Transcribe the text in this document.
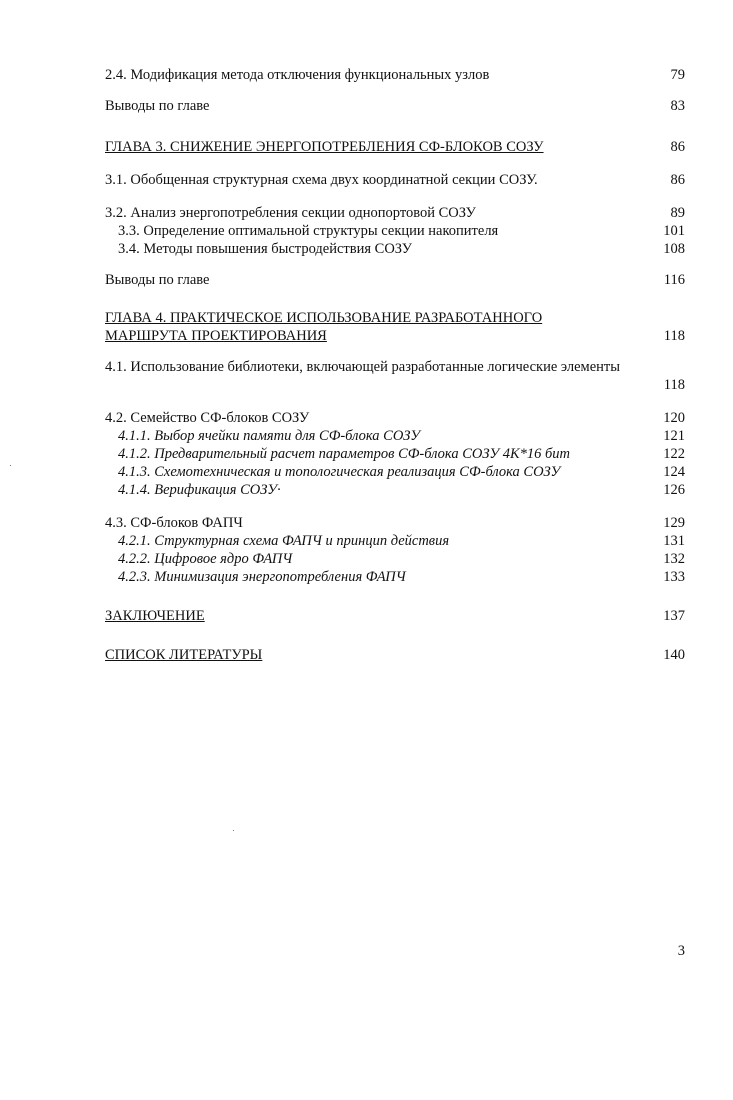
2.4. Модификация метода отключения функциональных узлов	79
Выводы по главе	83
ГЛАВА 3. СНИЖЕНИЕ ЭНЕРГОПОТРЕБЛЕНИЯ СФ-БЛОКОВ СОЗУ	86
3.1. Обобщенная структурная схема двух координатной секции СОЗУ.	86
3.2. Анализ энергопотребления секции однопортовой СОЗУ	89
3.3. Определение оптимальной структуры секции накопителя	101
3.4. Методы повышения быстродействия СОЗУ	108
Выводы по главе	116
ГЛАВА 4. ПРАКТИЧЕСКОЕ ИСПОЛЬЗОВАНИЕ РАЗРАБОТАННОГО
МАРШРУТА ПРОЕКТИРОВАНИЯ	118
4.1. Использование библиотеки, включающей разработанные логические элементы
118
4.2. Семейство СФ-блоков СОЗУ	120
4.1.1. Выбор ячейки памяти для СФ-блока СОЗУ	121
4.1.2. Предварительный расчет параметров СФ-блока СОЗУ 4К*16 бит	122
4.1.3. Схемотехническая и топологическая реализация СФ-блока СОЗУ	124
4.1.4. Верификация СОЗУ·	126
4.3. СФ-блоков ФАПЧ	129
4.2.1. Структурная схема ФАПЧ и принцип действия	131
4.2.2. Цифровое ядро ФАПЧ	132
4.2.3. Минимизация энергопотребления ФАПЧ	133
ЗАКЛЮЧЕНИЕ	137
СПИСОК ЛИТЕРАТУРЫ	140
3
